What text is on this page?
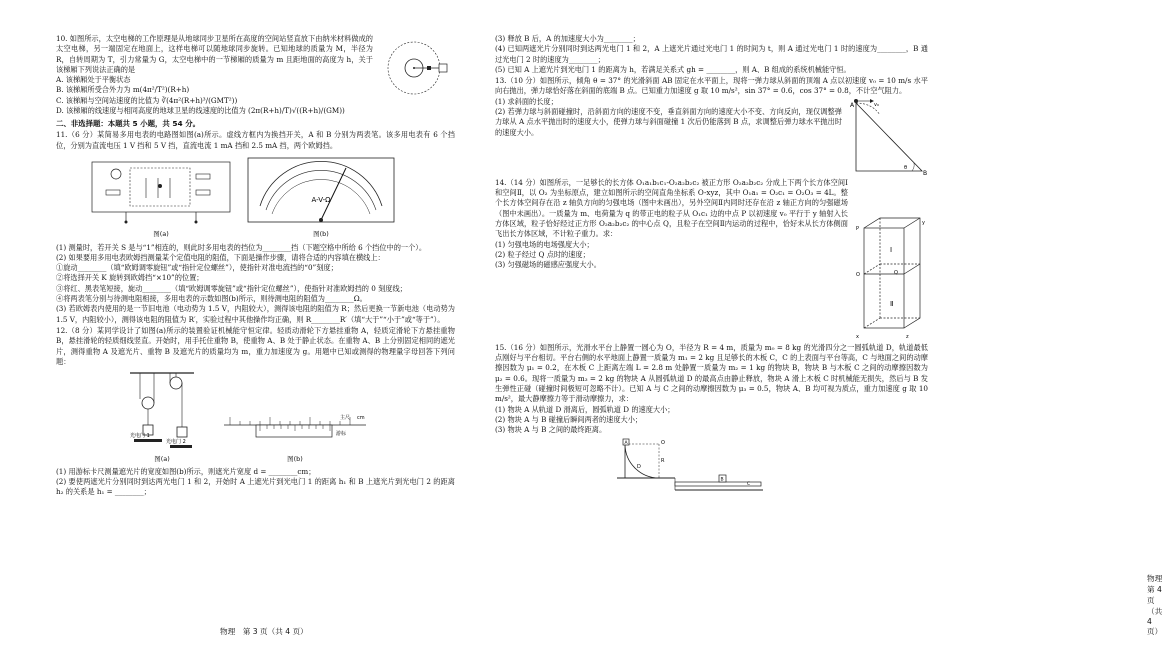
10. 如图所示，太空电梯的工作原理是从地球同步卫星所在高度的空间站竖直放下由纳米材料做成的太空电梯，另一端固定在地面上，这样电梯可以随地球同步旋转。已知地球的质量为 M，半径为 R，自转周期为 T，引力常量为 G，太空电梯中的一节梯厢的质量为 m 且距地面的高度为 h，关于该梯厢下列说法正确的是

A. 该梯厢处于平衡状态

B. 该梯厢所受合外力为 m(4π²/T²)(R+h)

C. 该梯厢与空间站速度的比值为 ∛(4π²(R+h)³/(GMT²))

D. 该梯厢的线速度与相同高度的地球卫星的线速度的比值为 (2π(R+h)/T)√((R+h)/(GM))

二、非选择题：本题共 5 小题，共 54 分。

11.（6 分）某简易多用电表的电路图如图(a)所示。虚线方框内为换挡开关，A 和 B 分别为两表笔。该多用电表有 6 个挡位，分别为直流电压 1 V 挡和 5 V 挡，直流电流 1 mA 挡和 2.5 mA 挡，两个欧姆挡。

图(a)
A-V-Ω
图(b)

(1) 测量时，若开关 S 是与“1”相连的，则此时多用电表的挡位为________挡（下题空格中所给 6 个挡位中的一个）。

(2) 如果要用多用电表欧姆挡测量某个定值电阻的阻值，下面是操作步骤，请将合适的内容填在横线上：

①旋动________（填“欧姆调零旋钮”或“指针定位螺丝”），使指针对准电流挡的“0”刻度；

②将选择开关 K 旋转到欧姆挡“×10”的位置；

③将红、黑表笔短接，旋动________（填“欧姆调零旋钮”或“指针定位螺丝”），使指针对准欧姆挡的 0 刻度线；

④将两表笔分别与待测电阻相接，多用电表的示数如图(b)所示，则待测电阻的阻值为________Ω。

(3) 若欧姆表内使用的是一节旧电池（电动势为 1.5 V，内阻较大），测得该电阻的阻值为 R；然后更换一节新电池（电动势为 1.5 V，内阻较小），测得该电阻的阻值为 R′，实验过程中其他操作均正确，则 R________R′（填“大于”“小于”或“等于”）。

12.（8 分）某同学设计了如图(a)所示的装置验证机械能守恒定律。轻质动滑轮下方悬挂重物 A，轻质定滑轮下方悬挂重物 B，悬挂滑轮的轻质细线竖直。开始时，用手托住重物 B，使重物 A、B 处于静止状态。在重物 A、B 上分别固定相同的遮光片，测得重物 A 及遮光片、重物 B 及遮光片的质量均为 m，重力加速度为 g。用题中已知或测得的物理量字母回答下列问题：

光电门 1
光电门 2
图(a)
主尺 cm
游标
图(b)

(1) 用游标卡尺测量遮光片的宽度如图(b)所示，则遮光片宽度 d = ________cm；

(2) 要使两遮光片分别同时到达两光电门 1 和 2，开始时 A 上遮光片到光电门 1 的距离 h₁ 和 B 上遮光片到光电门 2 的距离 h₂ 的关系是 h₁ = ________；

物理　第 3 页（共 4 页）

(3) 释放 B 后，A 的加速度大小为________；

(4) 已知两遮光片分别同时到达两光电门 1 和 2，A 上遮光片通过光电门 1 的时间为 t，则 A 通过光电门 1 时的速度为________，B 通过光电门 2 时的速度为________；

(5) 已知 A 上遮光片到光电门 1 的距离为 h，若满足关系式 gh = ________，则 A、B 组成的系统机械能守恒。

13.（10 分）如图所示，倾角 θ = 37° 的光滑斜面 AB 固定在水平面上，现将一弹力球从斜面的顶端 A 点以初速度 v₀ = 10 m/s 水平向右抛出，弹力球恰好落在斜面的底端 B 点。已知重力加速度 g 取 10 m/s²，sin 37° = 0.6，cos 37° = 0.8，不计空气阻力。

(1) 求斜面的长度；

(2) 若弹力球与斜面碰撞时，沿斜面方向的速度不变，垂直斜面方向的速度大小不变、方向反向，现仅调整弹力球从 A 点水平抛出时的速度大小，使弹力球与斜面碰撞 1 次后仍能落到 B 点，求调整后弹力球水平抛出时的速度大小。

A
B
v₀
θ

14.（14 分）如图所示，一足够长的长方体 O₁a₁b₁c₁-O₂a₂b₂c₂ 被正方形 O₂a₂b₂c₂ 分成上下两个长方体空间Ⅰ和空间Ⅱ，以 O₂ 为坐标原点，建立如图所示的空间直角坐标系 O-xyz，其中 O₁a₁ = O₂c₁ = O₂O₃ = 4L。整个长方体空间存在沿 z 轴负方向的匀强电场（图中未画出），另外空间Ⅱ内同时还存在沿 z 轴正方向的匀强磁场（图中未画出）。一质量为 m、电荷量为 q 的带正电的粒子从 O₁c₁ 边的中点 P 以初速度 v₀ 平行于 y 轴射入长方体区域，粒子恰好经过正方形 O₂a₂b₂c₂ 的中心点 Q，且粒子在空间Ⅱ内运动的过程中，恰好未从长方体侧面飞出长方体区域，不计粒子重力。求：

(1) 匀强电场的电场强度大小；

(2) 粒子经过 Q 点时的速度；

(3) 匀强磁场的磁感应强度大小。

Ⅰ
Ⅱ
P
Q
y
x	z
O

15.（16 分）如图所示，光滑水平台上静置一圆心为 O，半径为 R = 4 m，质量为 m₀ = 8 kg 的光滑四分之一圆弧轨道 D，轨道最低点刚好与平台相切。平台右侧的水平地面上静置一质量为 m₁ = 2 kg 且足够长的木板 C，C 的上表面与平台等高，C 与地面之间的动摩擦因数为 μ₁ = 0.2，在木板 C 上距离左端 L = 2.8 m 处静置一质量为 m₂ = 1 kg 的物块 B，物块 B 与木板 C 之间的动摩擦因数为 μ₂ = 0.6。现将一质量为 m₃ = 2 kg 的物块 A 从圆弧轨道 D 的最高点由静止释放，物块 A 滑上木板 C 时机械能无损失，然后与 B 发生弹性正碰（碰撞时间极短可忽略不计）。已知 A 与 C 之间的动摩擦因数为 μ₃ = 0.5，物块 A、B 均可视为质点，重力加速度 g 取 10 m/s²，最大静摩擦力等于滑动摩擦力，求：

(1) 物块 A 从轨道 D 滑离后，圆弧轨道 D 的速度大小；

(2) 物块 A 与 B 碰撞后瞬间两者的速度大小；

(3) 物块 A 与 B 之间的最终距离。

A
B
C
D
O
R
物理　第 4 页（共 4 页）
